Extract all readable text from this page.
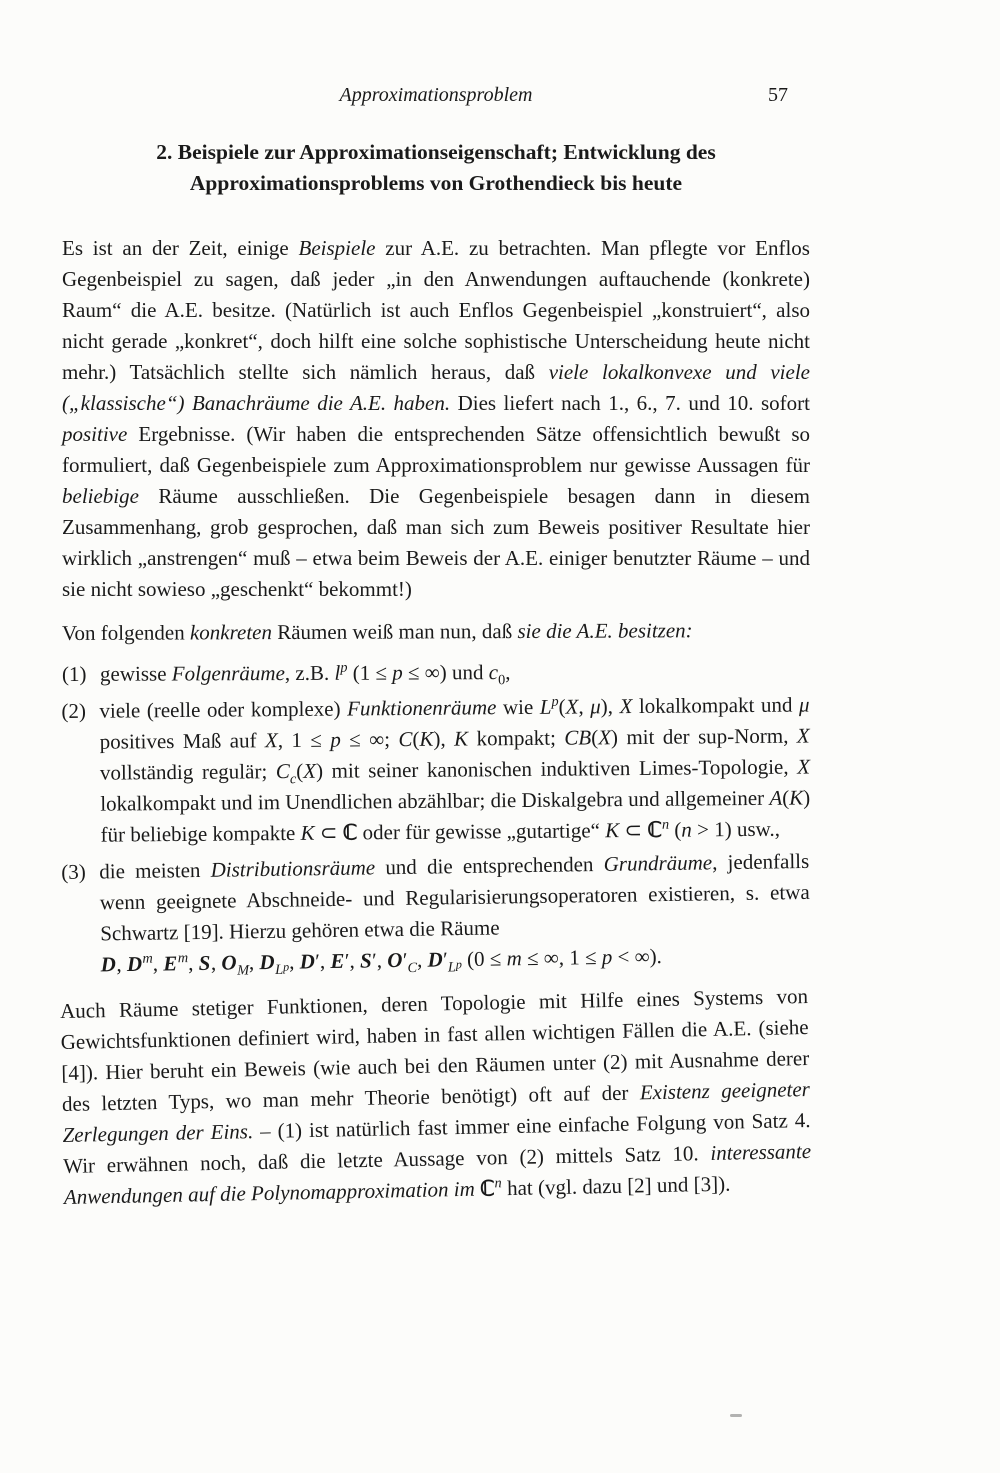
Approximationsproblem	57
2. Beispiele zur Approximationseigenschaft; Entwicklung des
Approximationsproblems von Grothendieck bis heute

Es ist an der Zeit, einige Beispiele zur A.E. zu betrachten. Man pflegte vor Enflos Gegenbeispiel zu sagen, daß jeder „in den Anwendungen auftauchende (konkrete) Raum“ die A.E. besitze. (Natürlich ist auch Enflos Gegenbeispiel „konstruiert“, also nicht gerade „konkret“, doch hilft eine solche sophistische Unterscheidung heute nicht mehr.) Tatsächlich stellte sich nämlich heraus, daß viele lokalkonvexe und viele („klassische“) Banachräume die A.E. haben. Dies liefert nach 1., 6., 7. und 10. sofort positive Ergebnisse. (Wir haben die entsprechenden Sätze offensichtlich bewußt so formuliert, daß Gegenbeispiele zum Approximationsproblem nur gewisse Aussagen für beliebige Räume ausschließen. Die Gegenbeispiele besagen dann in diesem Zusammenhang, grob gesprochen, daß man sich zum Beweis positiver Resultate hier wirklich „anstrengen“ muß – etwa beim Beweis der A.E. einiger benutzter Räume – und sie nicht sowieso „geschenkt“ bekommt!)

Von folgenden konkreten Räumen weiß man nun, daß sie die A.E. besitzen:

(1) gewisse Folgenräume, z.B. $l^p$ (1 ≤ p ≤ ∞) und $c_0$,
(2) viele (reelle oder komplexe) Funktionenräume wie $L^p(X$, μ), X lokalkompakt und μ positives Maß auf X, 1 ≤ p ≤ ∞; C(K), K kompakt; CB(X) mit der sup-Norm, X vollständig regulär; $C_c(X)$ mit seiner kanonischen induktiven Limes-Topologie, X lokalkompakt und im Unendlichen abzählbar; die Diskalgebra und allgemeiner A(K) für beliebige kompakte K ⊂ ℂ oder für gewisse „gutartige“ K ⊂ ℂ$^n$ (n > 1) usw.,
(3) die meisten Distributionsräume und die entsprechenden Grundräume, jedenfalls wenn geeignete Abschneide- und Regularisierungsoperatoren existieren, s. etwa Schwartz [19]. Hierzu gehören etwa die Räume
D, $D^m$, $E^m$, S, $O_M$, $D_Lp$, D′, E′, S′, $O'_C$, $D'_Lp$ (0 ≤ m ≤ ∞, 1 ≤ p < ∞).

Auch Räume stetiger Funktionen, deren Topologie mit Hilfe eines Systems von Gewichtsfunktionen definiert wird, haben in fast allen wichtigen Fällen die A.E. (siehe [4]). Hier beruht ein Beweis (wie auch bei den Räumen unter (2) mit Ausnahme derer des letzten Typs, wo man mehr Theorie benötigt) oft auf der Existenz geeigneter Zerlegungen der Eins. – (1) ist natürlich fast immer eine einfache Folgung von Satz 4. Wir erwähnen noch, daß die letzte Aussage von (2) mittels Satz 10. interessante Anwendungen auf die Polynomapproximation im ℂ$^n$ hat (vgl. dazu [2] und [3]).
